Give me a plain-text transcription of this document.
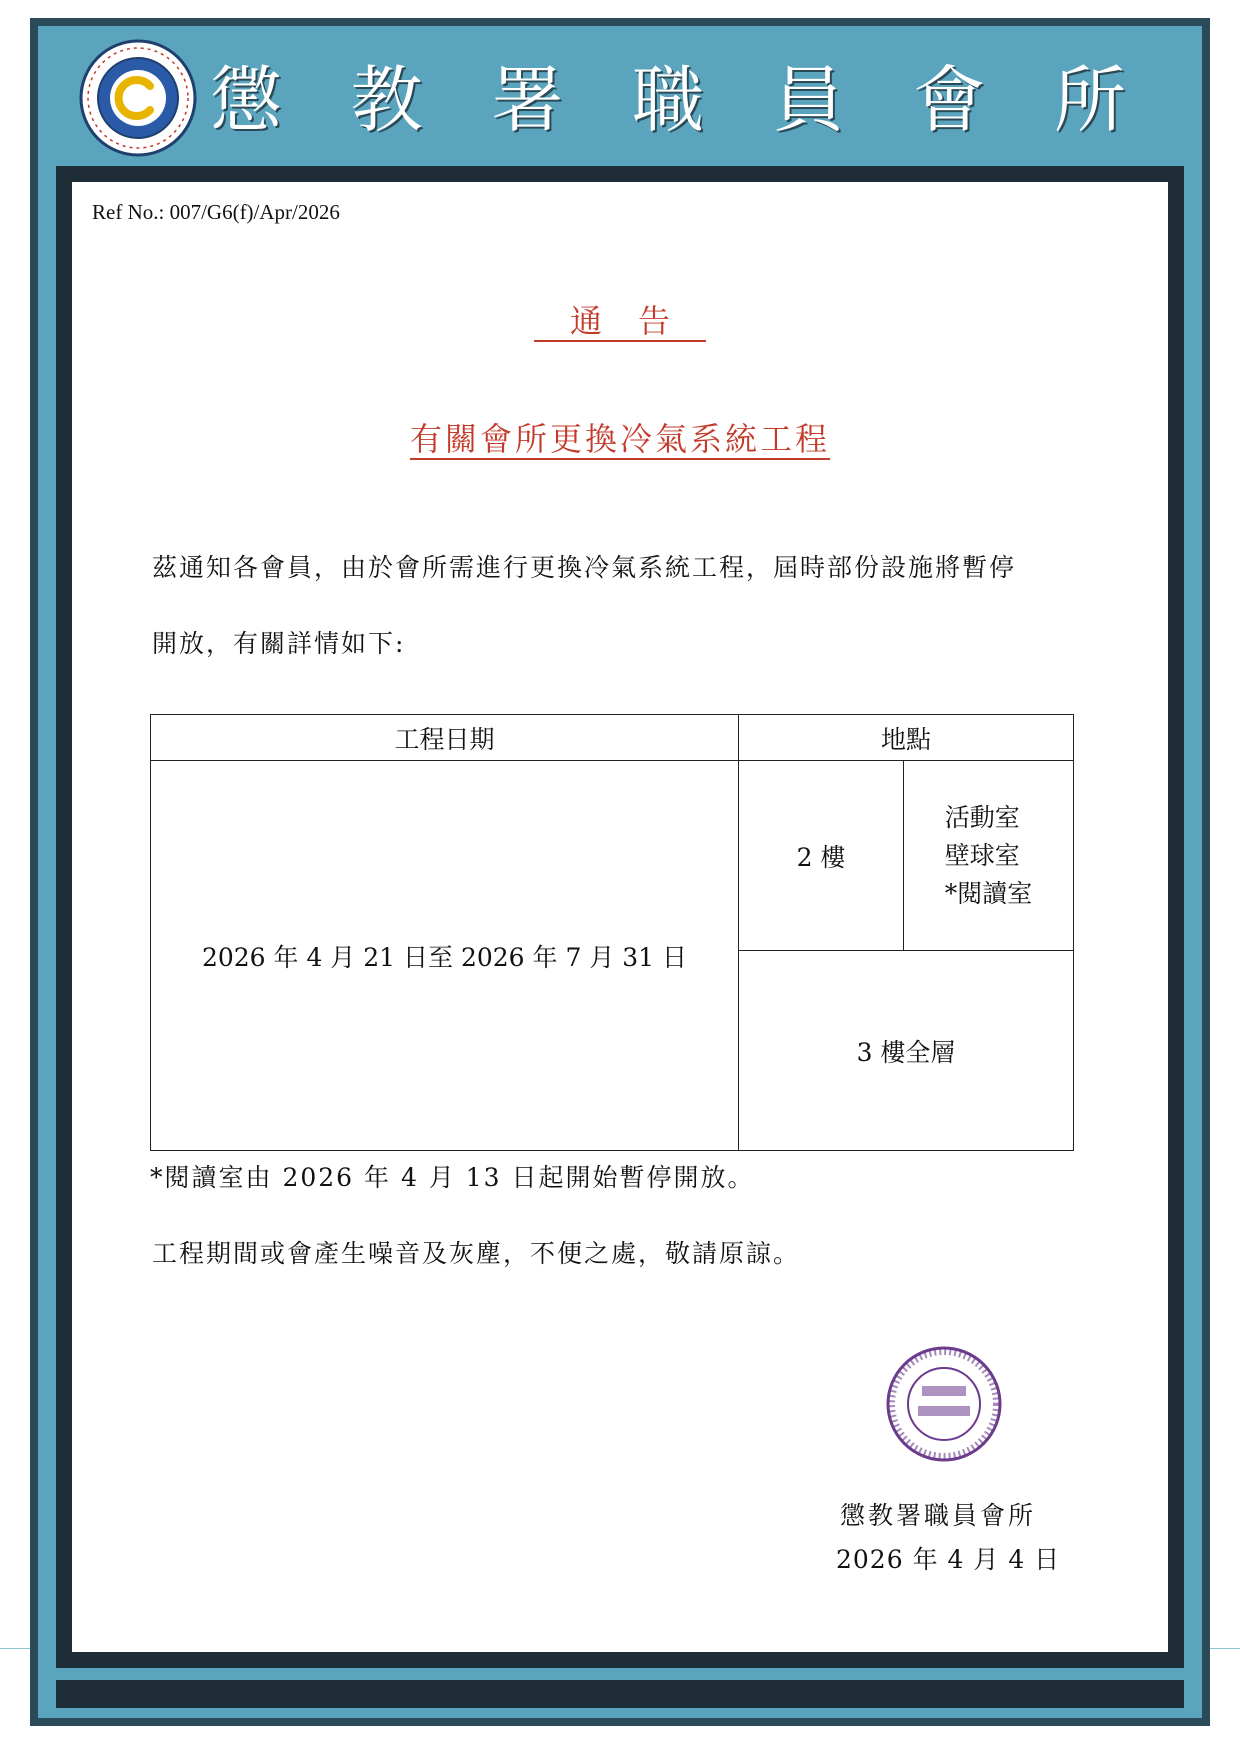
懲 教 署 職 員 會 所
Ref No.: 007/G6(f)/Apr/2026
通告
有關會所更換冷氣系統工程
茲通知各會員，由於會所需進行更換冷氣系統工程，屆時部份設施將暫停
開放，有關詳情如下:
工程日期	地點	
2026 年 4 月 21 日至 2026 年 7 月 31 日	2 樓	活動室
壁球室
*閱讀室

	3 樓全層	
*閱讀室由 2026 年 4 月 13 日起開始暫停開放。
工程期間或會產生噪音及灰塵，不便之處，敬請原諒。
懲教署職員會所
2026 年 4 月 4 日
